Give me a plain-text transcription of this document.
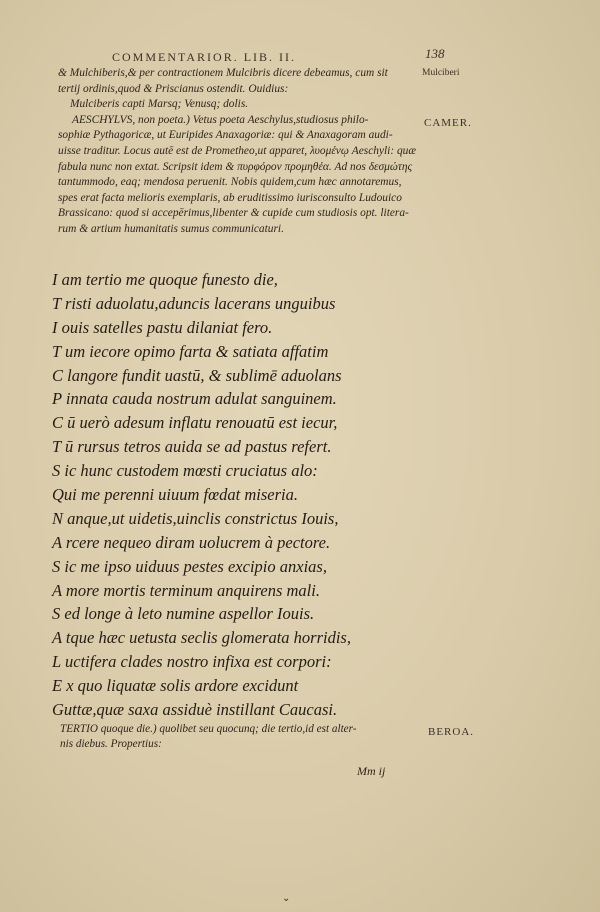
COMMENTARIOR. LIB. II.	138
Mulciberi
CAMER.
BEROA.
& Mulchiberis,& per contractionem Mulcibris dicere debeamus, cum sit
tertij ordinis,quod & Priscianus ostendit. Ouidius:
Mulciberis capti Marsq; Venusq; dolis.
AESCHYLVS, non poeta.) Vetus poeta Aeschylus,studiosus philo-
sophiæ Pythagoricæ, ut Euripides Anaxagoriæ: qui & Anaxagoram audi-
uisse traditur. Locus autē est de Prometheo,ut apparet, λυομένῳ Aeschyli: quæ
fabula nunc non extat. Scripsit idem & πυρφόρον προμηθέα. Ad nos δεσμώτης
tantummodo, eaq; mendosa peruenit. Nobis quidem,cum hæc annotaremus,
spes erat facta melioris exemplaris, ab eruditissimo iurisconsulto Ludouico
Brassicano: quod si accepērimus,libenter & cupide cum studiosis opt. litera-
rum & artium humanitatis sumus communicaturi.
I am tertio me quoque funesto die,
T risti aduolatu,aduncis lacerans unguibus
I ouis satelles pastu dilaniat fero.
T um iecore opimo farta & satiata affatim
C langore fundit uastū, & sublimē aduolans
P innata cauda nostrum adulat sanguinem.
C ū uerò adesum inflatu renouatū est iecur,
T ū rursus tetros auida se ad pastus refert.
S ic hunc custodem mœsti cruciatus alo:
Qui me perenni uiuum fœdat miseria.
N anque,ut uidetis,uinclis constrictus Iouis,
A rcere nequeo diram uolucrem à pectore.
S ic me ipso uiduus pestes excipio anxias,
A more mortis terminum anquirens mali.
S ed longe à leto numine aspellor Iouis.
A tque hæc uetusta seclis glomerata horridis,
L uctifera clades nostro infixa est corpori:
E x quo liquatæ solis ardore excidunt
Guttæ,quæ saxa assiduè instillant Caucasi.
TERTIO quoque die.) quolibet seu quocunq; die tertio,id est alter-
nis diebus. Propertius:
Mm ij
⌄
